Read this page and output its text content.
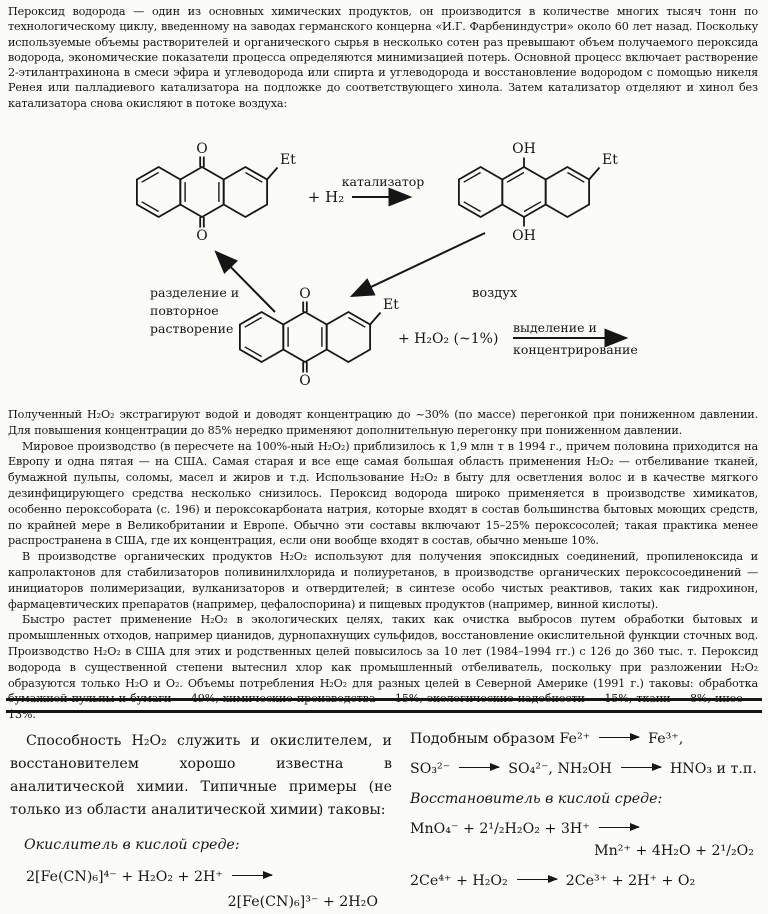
Пероксид водорода — один из основных химических продуктов, он производится в количестве многих тысяч тонн по технологическому циклу, введенному на заводах германского концерна «И.Г. Фарбениндустри» около 60 лет назад. Поскольку используемые объемы растворителей и органического сырья в несколько сотен раз превышают объем получаемого пероксида водорода, экономические показатели процесса определяются минимизацией потерь. Основной процесс включает растворение 2-этилантрахинона в смеси эфира и углеводорода или спирта и углеводорода и восстановление водородом с помощью никеля Ренея или палладиевого катализатора на подложке до соответствующего хинола. Затем катализатор отделяют и хинол без катализатора снова окисляют в потоке воздуха:
O
O
Et
+ H₂
катализатор
OH
OH
Et
воздух
разделение и
повторное
растворение
O
O
Et
+ H₂O₂ (~1%)
выделение и
концентрирование
Полученный H₂O₂ экстрагируют водой и доводят концентрацию до ~30% (по массе) перегонкой при пониженном давлении. Для повышения концентрации до 85% нередко применяют дополнительную перегонку при пониженном давлении.
Мировое производство (в пересчете на 100%-ный H₂O₂) приблизилось к 1,9 млн т в 1994 г., причем половина приходится на Европу и одна пятая — на США. Самая старая и все еще самая большая область применения H₂O₂ — отбеливание тканей, бумажной пульпы, соломы, масел и жиров и т.д. Использование H₂O₂ в быту для осветления волос и в качестве мягкого дезинфицирующего средства несколько снизилось. Пероксид водорода широко применяется в производстве химикатов, особенно пероксобората (с. 196) и пероксокарбоната натрия, которые входят в состав большинства бытовых моющих средств, по крайней мере в Великобритании и Европе. Обычно эти составы включают 15–25% пероксосолей; такая практика менее распространена в США, где их концентрация, если они вообще входят в состав, обычно меньше 10%.
В производстве органических продуктов H₂O₂ используют для получения эпоксидных соединений, пропиленоксида и капролактонов для стабилизаторов поливинилхлорида и полиуретанов, в производстве органических пероксосоединений — инициаторов полимеризации, вулканизаторов и отвердителей; в синтезе особо чистых реактивов, таких как гидрохинон, фармацевтических препаратов (например, цефалоспорина) и пищевых продуктов (например, винной кислоты).
Быстро растет применение H₂O₂ в экологических целях, таких как очистка выбросов путем обработки бытовых и промышленных отходов, например цианидов, дурнопахнущих сульфидов, восстановление окислительной функции сточных вод. Производство H₂O₂ в США для этих и родственных целей повысилось за 10 лет (1984–1994 гг.) с 126 до 360 тыс. т. Пероксид водорода в существенной степени вытеснил хлор как промышленный отбеливатель, поскольку при разложении H₂O₂ образуются только H₂O и O₂. Объемы потребления H₂O₂ для разных целей в Северной Америке (1991 г.) таковы: обработка бумажной пульпы и бумаги — 49%, химические производства — 15%, экологические надобности — 15%, ткани — 8%, иное — 13%.
Способность H₂O₂ служить и окислителем, и восстановителем хорошо известна в аналитической химии. Типичные примеры (не только из области аналитической химии) таковы:
Окислитель в кислой среде:
2[Fe(CN)₆]⁴⁻ + H₂O₂ + 2H⁺ →
2[Fe(CN)₆]³⁻ + 2H₂O
Подобным образом Fe²⁺ → Fe³⁺,
SO₃²⁻ → SO₄²⁻, NH₂OH → HNO₃ и т.п.
Восстановитель в кислой среде:
MnO₄⁻ + 2¹/₂H₂O₂ + 3H⁺ →
Mn²⁺ + 4H₂O + 2¹/₂O₂
2Ce⁴⁺ + H₂O₂ → 2Ce³⁺ + 2H⁺ + O₂
